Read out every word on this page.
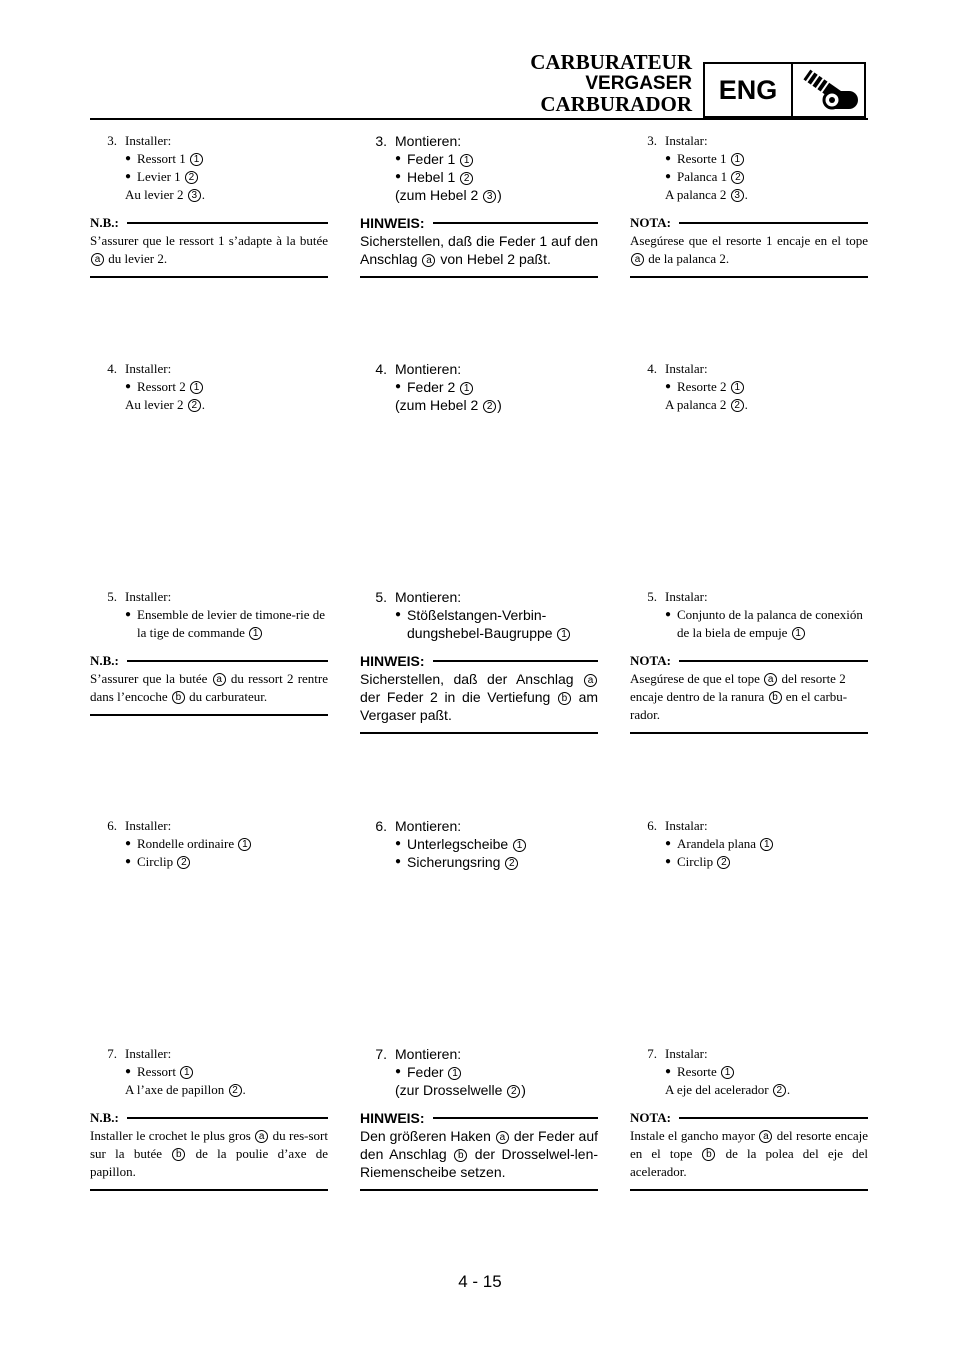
CARBURATEUR
VERGASER
CARBURADOR ENG
3. Installer:
● Ressort 1 1
● Levier 1 2
Au levier 2 3 .
N.B.:
S’assurer que le ressort 1 s’adapte à la butée a du levier 2.
4. Installer:
● Ressort 2 1
Au levier 2 2 .
5. Installer:
● Ensemble de levier de timone-rie de la tige de commande 1
N.B.:
S’assurer que la butée a du ressort 2 rentre dans l’encoche b du carburateur.
6. Installer:
● Rondelle ordinaire 1
● Circlip 2
7. Installer:
● Ressort 1
A l’axe de papillon 2 .
N.B.:
Installer le crochet le plus gros a du res-sort sur la butée b de la poulie d’axe de papillon.
3. Montieren:
● Feder 1 1
● Hebel 1 2
(zum Hebel 2 3 )
HINWEIS:
Sicherstellen, daß die Feder 1 auf den Anschlag a von Hebel 2 paßt.
4. Montieren:
● Feder 2 1
(zum Hebel 2 2 )
5. Montieren:
● Stößelstangen-Verbin-dungshebel-Baugruppe 1
HINWEIS:
Sicherstellen, daß der Anschlag a der Feder 2 in die Vertiefung b am Vergaser paßt.
6. Montieren:
● Unterlegscheibe 1
● Sicherungsring 2
7. Montieren:
● Feder 1
(zur Drosselwelle 2 )
HINWEIS:
Den größeren Haken a der Feder auf den Anschlag b der Drosselwel-len-Riemenscheibe setzen.
3. Instalar:
● Resorte 1 1
● Palanca 1 2
A palanca 2 3 .
NOTA:
Asegúrese que el resorte 1 encaje en el tope a de la palanca 2.
4. Instalar:
● Resorte 2 1
A palanca 2 2 .
5. Instalar:
● Conjunto de la palanca de conexión de la biela de empuje 1
NOTA:
Asegúrese de que el tope a del resorte 2 encaje dentro de la ranura b en el carbu-rador.
6. Instalar:
● Arandela plana 1
● Circlip 2
7. Instalar:
● Resorte 1
A eje del acelerador 2 .
NOTA:
Instale el gancho mayor a del resorte encaje en el tope b de la polea del eje del acelerador.
4 - 15
